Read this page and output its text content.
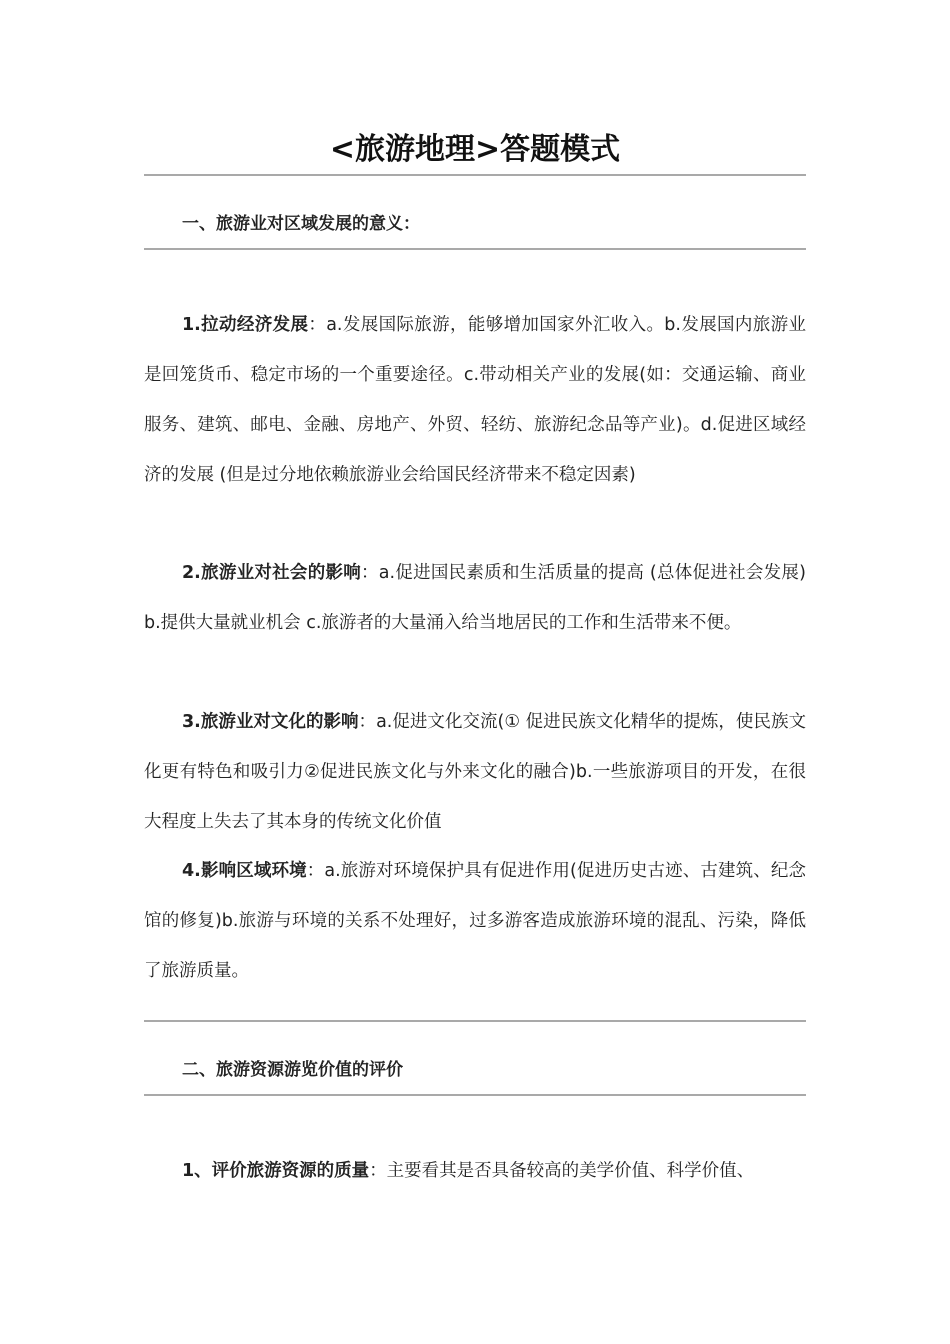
<旅游地理>答题模式
一、旅游业对区域发展的意义：

1.拉动经济发展：a.发展国际旅游，能够增加国家外汇收入。b.发展国内旅游业是回笼货币、稳定市场的一个重要途径。c.带动相关产业的发展(如：交通运输、商业服务、建筑、邮电、金融、房地产、外贸、轻纺、旅游纪念品等产业)。d.促进区域经济的发展 (但是过分地依赖旅游业会给国民经济带来不稳定因素)

2.旅游业对社会的影响：a.促进国民素质和生活质量的提高 (总体促进社会发展) b.提供大量就业机会 c.旅游者的大量涌入给当地居民的工作和生活带来不便。

3.旅游业对文化的影响：a.促进文化交流(① 促进民族文化精华的提炼，使民族文化更有特色和吸引力②促进民族文化与外来文化的融合)b.一些旅游项目的开发，在很大程度上失去了其本身的传统文化价值

4.影响区域环境：a.旅游对环境保护具有促进作用(促进历史古迹、古建筑、纪念馆的修复)b.旅游与环境的关系不处理好，过多游客造成旅游环境的混乱、污染，降低了旅游质量。

二、旅游资源游览价值的评价

1、评价旅游资源的质量：主要看其是否具备较高的美学价值、科学价值、
